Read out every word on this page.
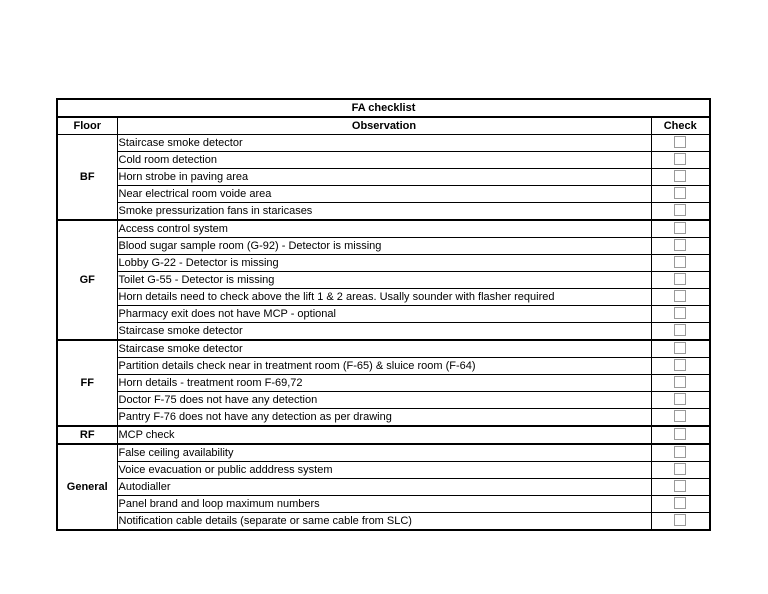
FA checklist		
Floor	Observation	Check
BF	Staircase smoke detector	
	Cold room detection	
	Horn strobe in paving area	
	Near electrical room voide area	
	Smoke pressurization fans in staricases	
GF	Access control system	
	Blood sugar sample room (G-92) - Detector is missing	
	Lobby G-22 - Detector is missing	
	Toilet G-55 - Detector is missing	
	Horn details need to check above the lift 1 & 2 areas. Usally sounder with flasher required	
	Pharmacy exit does not have MCP - optional	
	Staircase smoke detector	
FF	Staircase smoke detector	
	Partition details check near in treatment room (F-65) & sluice room (F-64)	
	Horn details - treatment room F-69,72	
	Doctor F-75 does not have any detection	
	Pantry F-76 does not have any detection as per drawing	
RF	MCP check	
General	False ceiling availability	
	Voice evacuation or public adddress system	
	Autodialler	
	Panel brand and loop maximum numbers	
	Notification cable details (separate or same cable from SLC)	
